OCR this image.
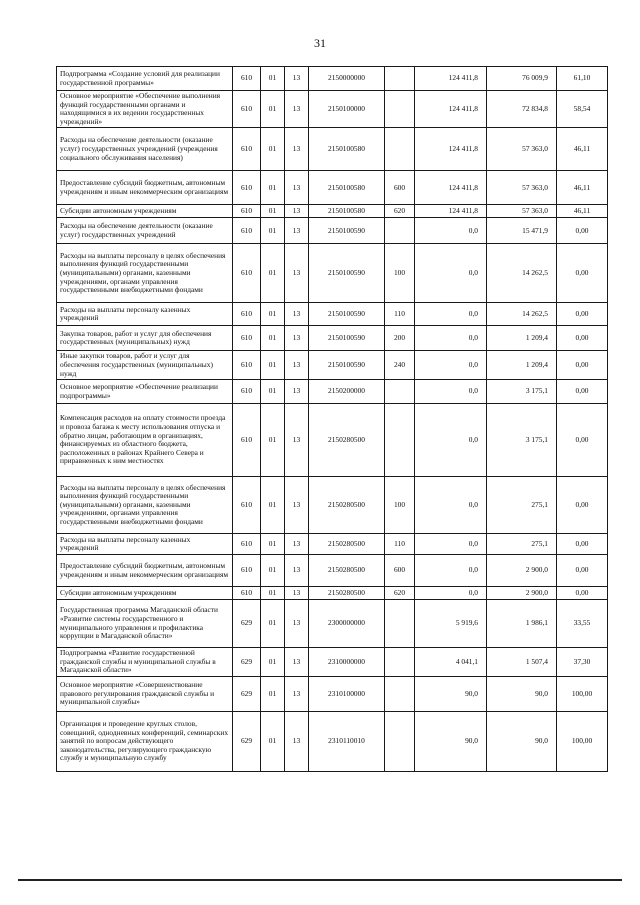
31
Подпрограмма «Создание условий для реализации государственной программы»	610	01	13	2150000000		124 411,8	76 009,9	61,10
Основное мероприятие «Обеспечение выполнения функций государственными органами и находящимися в их ведении государственных учреждений»	610	01	13	2150100000		124 411,8	72 834,8	58,54
Расходы на обеспечение деятельности (оказание услуг) государственных учреждений (учреждения социального обслуживания населения)	610	01	13	2150100580		124 411,8	57 363,0	46,11
Предоставление субсидий бюджетным, автономным учреждениям и иным некоммерческим организациям	610	01	13	2150100580	600	124 411,8	57 363,0	46,11
Субсидии автономным учреждениям	610	01	13	2150100580	620	124 411,8	57 363,0	46,11
Расходы на обеспечение деятельности (оказание услуг) государственных учреждений	610	01	13	2150100590		0,0	15 471,9	0,00
Расходы на выплаты персоналу в целях обеспечения выполнения функций государственными (муниципальными) органами, казенными учреждениями, органами управления государственными внебюджетными фондами	610	01	13	2150100590	100	0,0	14 262,5	0,00
Расходы на выплаты персоналу казенных учреждений	610	01	13	2150100590	110	0,0	14 262,5	0,00
Закупка товаров, работ и услуг для обеспечения государственных (муниципальных) нужд	610	01	13	2150100590	200	0,0	1 209,4	0,00
Иные закупки товаров, работ и услуг для обеспечения государственных (муниципальных) нужд	610	01	13	2150100590	240	0,0	1 209,4	0,00
Основное мероприятие «Обеспечение реализации подпрограммы»	610	01	13	2150200000		0,0	3 175,1	0,00
Компенсация расходов на оплату стоимости проезда и провоза багажа к месту использования отпуска и обратно лицам, работающим в организациях, финансируемых из областного бюджета, расположенных в районах Крайнего Севера и приравненных к ним местностях	610	01	13	2150280500		0,0	3 175,1	0,00
Расходы на выплаты персоналу в целях обеспечения выполнения функций государственными (муниципальными) органами, казенными учреждениями, органами управления государственными внебюджетными фондами	610	01	13	2150280500	100	0,0	275,1	0,00
Расходы на выплаты персоналу казенных учреждений	610	01	13	2150280500	110	0,0	275,1	0,00
Предоставление субсидий бюджетным, автономным учреждениям и иным некоммерческим организациям	610	01	13	2150280500	600	0,0	2 900,0	0,00
Субсидии автономным учреждениям	610	01	13	2150280500	620	0,0	2 900,0	0,00
Государственная программа Магаданской области «Развитие системы государственного и муниципального управления и профилактика коррупции в Магаданской области»	629	01	13	2300000000		5 919,6	1 986,1	33,55
Подпрограмма «Развитие государственной гражданской службы и муниципальной службы в Магаданской области»	629	01	13	2310000000		4 041,1	1 507,4	37,30
Основное мероприятие «Совершенствование правового регулирования гражданской службы и муниципальной службы»	629	01	13	2310100000		90,0	90,0	100,00
Организация и проведение круглых столов, совещаний, однодневных конференций, семинарских занятий по вопросам действующего законодательства, регулирующего гражданскую службу и муниципальную службу	629	01	13	2310110010		90,0	90,0	100,00
